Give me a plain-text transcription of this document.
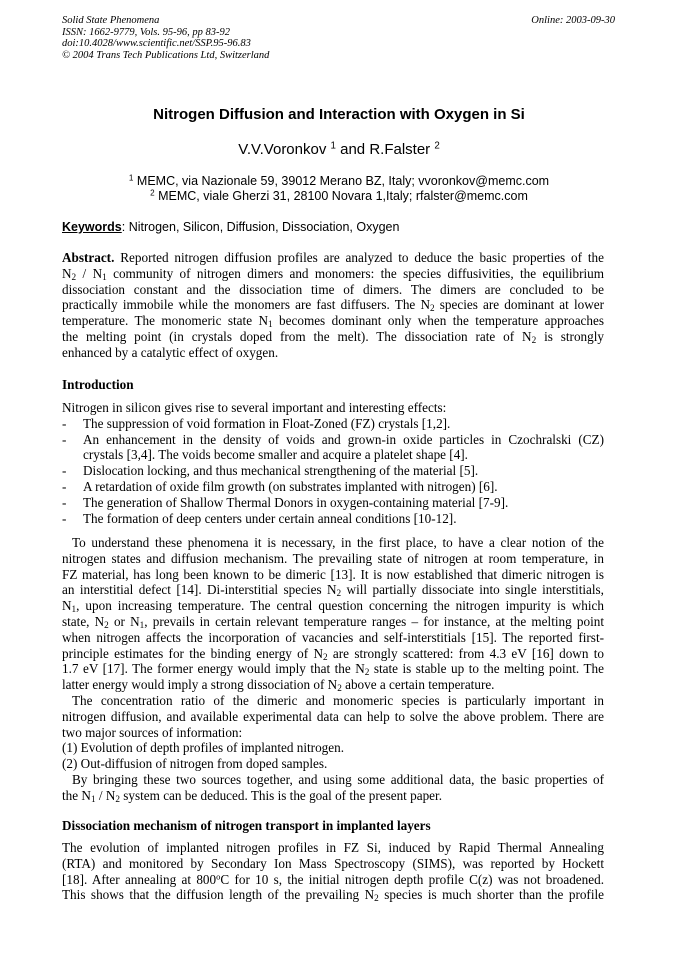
Solid State Phenomena
ISSN: 1662-9779, Vols. 95-96, pp 83-92
doi:10.4028/www.scientific.net/SSP.95-96.83
© 2004 Trans Tech Publications Ltd, Switzerland
Online: 2003-09-30
Nitrogen Diffusion and Interaction with Oxygen in Si
V.V.Voronkov $^1$ and R.Falster $^2$
$^1$ MEMC, via Nazionale 59, 39012 Merano BZ, Italy; vvoronkov@memc.com
$^2$ MEMC, viale Gherzi 31, 28100 Novara 1,Italy; rfalster@memc.com
Keywords: Nitrogen, Silicon, Diffusion, Dissociation, Oxygen
Abstract. Reported nitrogen diffusion profiles are analyzed to deduce the basic properties of the
$N_2 / N_1$ community of nitrogen dimers and monomers: the species diffusivities, the equilibrium
dissociation constant and the dissociation time of dimers. The dimers are concluded to be
practically immobile while the monomers are fast diffusers. The $N_2$ species are dominant at lower
temperature. The monomeric state $N_1$ becomes dominant only when the temperature approaches
the melting point (in crystals doped from the melt). The dissociation rate of $N_2$ is strongly
enhanced by a catalytic effect of oxygen.
Introduction
Nitrogen in silicon gives rise to several important and interesting effects:
- The suppression of void formation in Float-Zoned (FZ) crystals [1,2].
- An enhancement in the density of voids and grown-in oxide particles in Czochralski (CZ)
crystals [3,4]. The voids become smaller and acquire a platelet shape [4].
- Dislocation locking, and thus mechanical strengthening of the material [5].
- A retardation of oxide film growth (on substrates implanted with nitrogen) [6].
- The generation of Shallow Thermal Donors in oxygen-containing material [7-9].
- The formation of deep centers under certain anneal conditions [10-12].
To understand these phenomena it is necessary, in the first place, to have a clear notion of the
nitrogen states and diffusion mechanism. The prevailing state of nitrogen at room temperature, in
FZ material, has long been known to be dimeric [13]. It is now established that dimeric nitrogen is
an interstitial defect [14]. Di-interstitial species $N_2$ will partially dissociate into single interstitials,
$N_1$, upon increasing temperature. The central question concerning the nitrogen impurity is which
state, $N_2$ or $N_1$, prevails in certain relevant temperature ranges – for instance, at the melting point
when nitrogen affects the incorporation of vacancies and self-interstitials [15]. The reported first-
principle estimates for the binding energy of $N_2$ are strongly scattered: from 4.3 eV [16] down to
1.7 eV [17]. The former energy would imply that the $N_2$ state is stable up to the melting point. The
latter energy would imply a strong dissociation of $N_2$ above a certain temperature.
The concentration ratio of the dimeric and monomeric species is particularly important in
nitrogen diffusion, and available experimental data can help to solve the above problem. There are
two major sources of information:
(1) Evolution of depth profiles of implanted nitrogen.
(2) Out-diffusion of nitrogen from doped samples.
By bringing these two sources together, and using some additional data, the basic properties of
the $N_1 / N_2$ system can be deduced. This is the goal of the present paper.
Dissociation mechanism of nitrogen transport in implanted layers
The evolution of implanted nitrogen profiles in FZ Si, induced by Rapid Thermal Annealing
(RTA) and monitored by Secondary Ion Mass Spectroscopy (SIMS), was reported by Hockett
[18]. After annealing at 800$^o$C for 10 s, the initial nitrogen depth profile C(z) was not broadened.
This shows that the diffusion length of the prevailing $N_2$ species is much shorter than the profile
